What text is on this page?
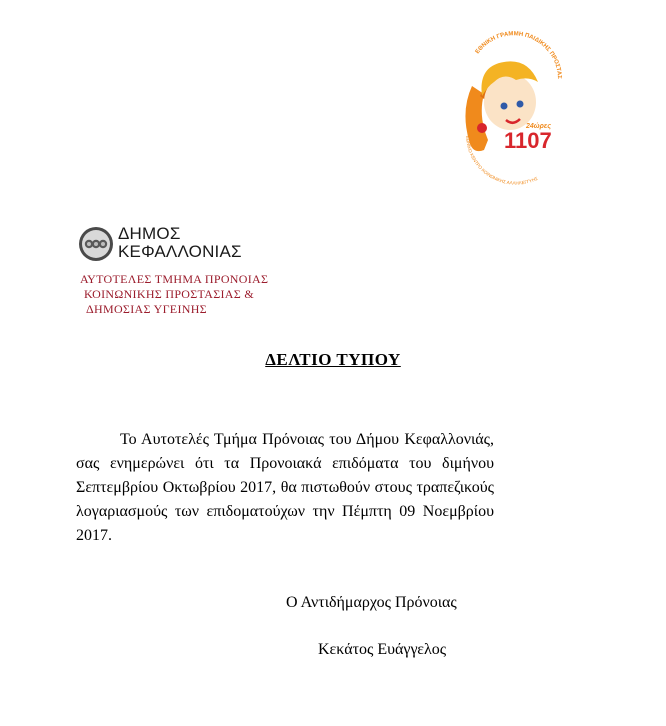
ΕΘΝΙΚΗ ΓΡΑΜΜΗ ΠΑΙΔΙΚΗΣ ΠΡΟΣΤΑΣ
24ώρες
1107
ΕΘΝΙΚΟ ΚΕΝΤΡΟ ΚΟΙΝΩΝΙΚΗΣ ΑΛΛΗΛΕΓΓΥΗΣ
ΔΗΜΟΣ
ΚΕΦΑΛΛΟΝΙΑΣ
ΑΥΤΟΤΕΛΕΣ ΤΜΗΜΑ ΠΡΟΝΟΙΑΣ
ΚΟΙΝΩΝΙΚΗΣ ΠΡΟΣΤΑΣΙΑΣ &
ΔΗΜΟΣΙΑΣ ΥΓΕΙΝΗΣ
ΔΕΛΤΙΟ ΤΥΠΟΥ
Το Αυτοτελές Τμήμα Πρόνοιας του Δήμου Κεφαλλονιάς, σας ενημερώνει ότι τα Προνοιακά επιδόματα του διμήνου Σεπτεμβρίου Οκτωβρίου 2017, θα πιστωθούν στους τραπεζικούς λογαριασμούς των επιδοματούχων την Πέμπτη 09 Νοεμβρίου 2017.
Ο Αντιδήμαρχος Πρόνοιας
Κεκάτος Ευάγγελος
